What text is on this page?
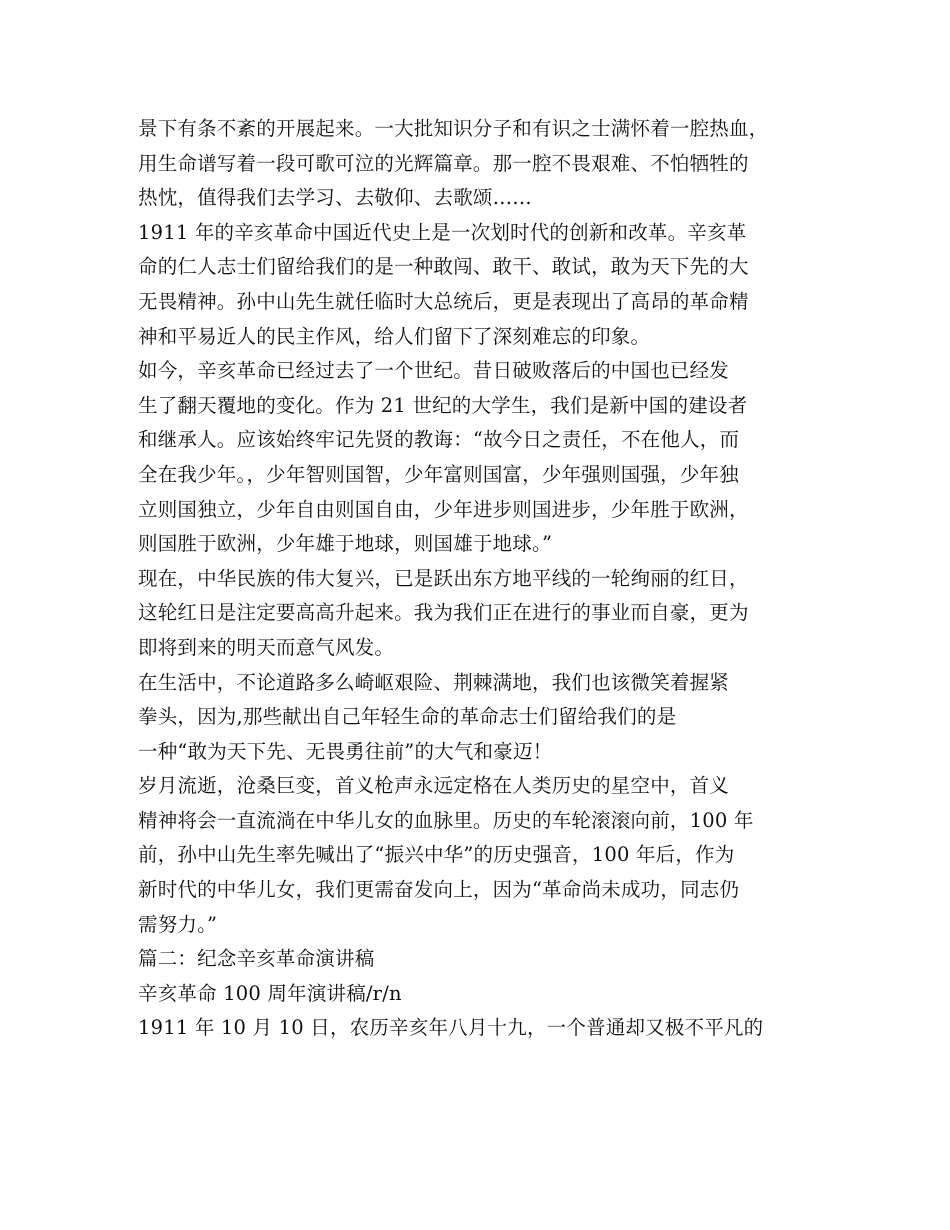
景下有条不紊的开展起来。一大批知识分子和有识之士满怀着一腔热血，
用生命谱写着一段可歌可泣的光辉篇章。那一腔不畏艰难、不怕牺牲的
热忱，值得我们去学习、去敬仰、去歌颂……
1911 年的辛亥革命中国近代史上是一次划时代的创新和改革。辛亥革
命的仁人志士们留给我们的是一种敢闯、敢干、敢试，敢为天下先的大
无畏精神。孙中山先生就任临时大总统后，更是表现出了高昂的革命精
神和平易近人的民主作风，给人们留下了深刻难忘的印象。
如今，辛亥革命已经过去了一个世纪。昔日破败落后的中国也已经发
生了翻天覆地的变化。作为 21 世纪的大学生，我们是新中国的建设者
和继承人。应该始终牢记先贤的教诲：“故今日之责任，不在他人，而
全在我少年。，少年智则国智，少年富则国富，少年强则国强，少年独
立则国独立，少年自由则国自由，少年进步则国进步，少年胜于欧洲，
则国胜于欧洲，少年雄于地球，则国雄于地球。”
现在，中华民族的伟大复兴，已是跃出东方地平线的一轮绚丽的红日，
这轮红日是注定要高高升起来。我为我们正在进行的事业而自豪，更为
即将到来的明天而意气风发。
在生活中，不论道路多么崎岖艰险、荆棘满地，我们也该微笑着握紧
拳头，因为,那些献出自己年轻生命的革命志士们留给我们的是
一种“敢为天下先、无畏勇往前”的大气和豪迈！
岁月流逝，沧桑巨变，首义枪声永远定格在人类历史的星空中，首义
精神将会一直流淌在中华儿女的血脉里。历史的车轮滚滚向前，100 年
前，孙中山先生率先喊出了“振兴中华”的历史强音，100 年后，作为
新时代的中华儿女，我们更需奋发向上，因为“革命尚未成功，同志仍
需努力。”
篇二：纪念辛亥革命演讲稿
辛亥革命 100 周年演讲稿/r/n
1911 年 10 月 10 日，农历辛亥年八月十九，一个普通却又极不平凡的
